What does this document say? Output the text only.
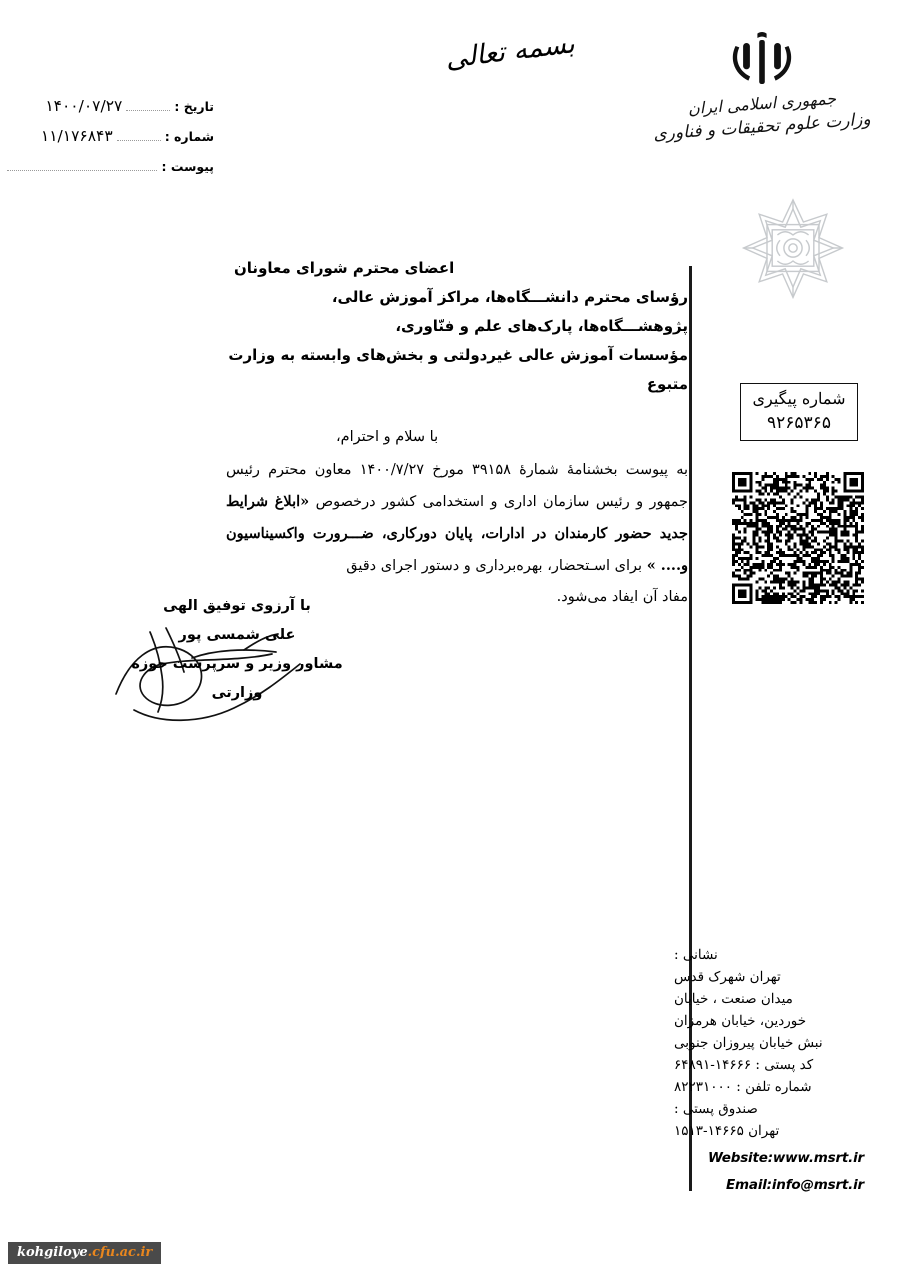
تاریخ :
۱۴۰۰/۰۷/۲۷
شماره :
۱۱/۱۷۶۸۴۳
پیوست :
بسمه تعالی
جمهوری اسلامی ایران
وزارت علوم تحقیقات و فناوری
اعضای محترم شورای معاونان
رؤسای محترم دانشـــگاه‌ها، مراکز آموزش عالی، پژوهشـــگاه‌ها، پارک‌های علم و فنّاوری،
مؤسسات آموزش عالی غیردولتی و بخش‌های وابسته به وزارت متبوع
با سلام و احترام،
به پیوست بخشنامهٔ شمارهٔ ۳۹۱۵۸ مورخ ۱۴۰۰/۷/۲۷ معاون محترم رئیس جمهور و رئیس سازمان اداری و استخدامی کشور درخصوص «ابلاغ شرایط جدید حضور کارمندان در ادارات، پایان دورکاری، ضـــرورت واکسیناسیون و.... » برای اسـتحضار، بهره‌برداری و دستور اجرای دقیق
مفاد آن ایفاد می‌شود.
شماره پیگیری
۹۲۶۵۳۶۵
با آرزوی توفیق الهی
علی شمسی پور
مشاور وزیر و سرپرست حوزه وزارتی
نشانی :
تهران شهرک قدس
میدان صنعت ، خیابان
خوردین، خیابان هرمزان
نبش خیابان پیروزان جنوبی
کد پستی : ۱۴۶۶۶-۶۴۸۹۱
شماره تلفن : ۸۲۲۳۱۰۰۰
صندوق پستی :
تهران ۱۴۶۶۵-۱۵۱۳
Website:www.msrt.ir
Email:info@msrt.ir
kohgiloye.cfu.ac.ir
